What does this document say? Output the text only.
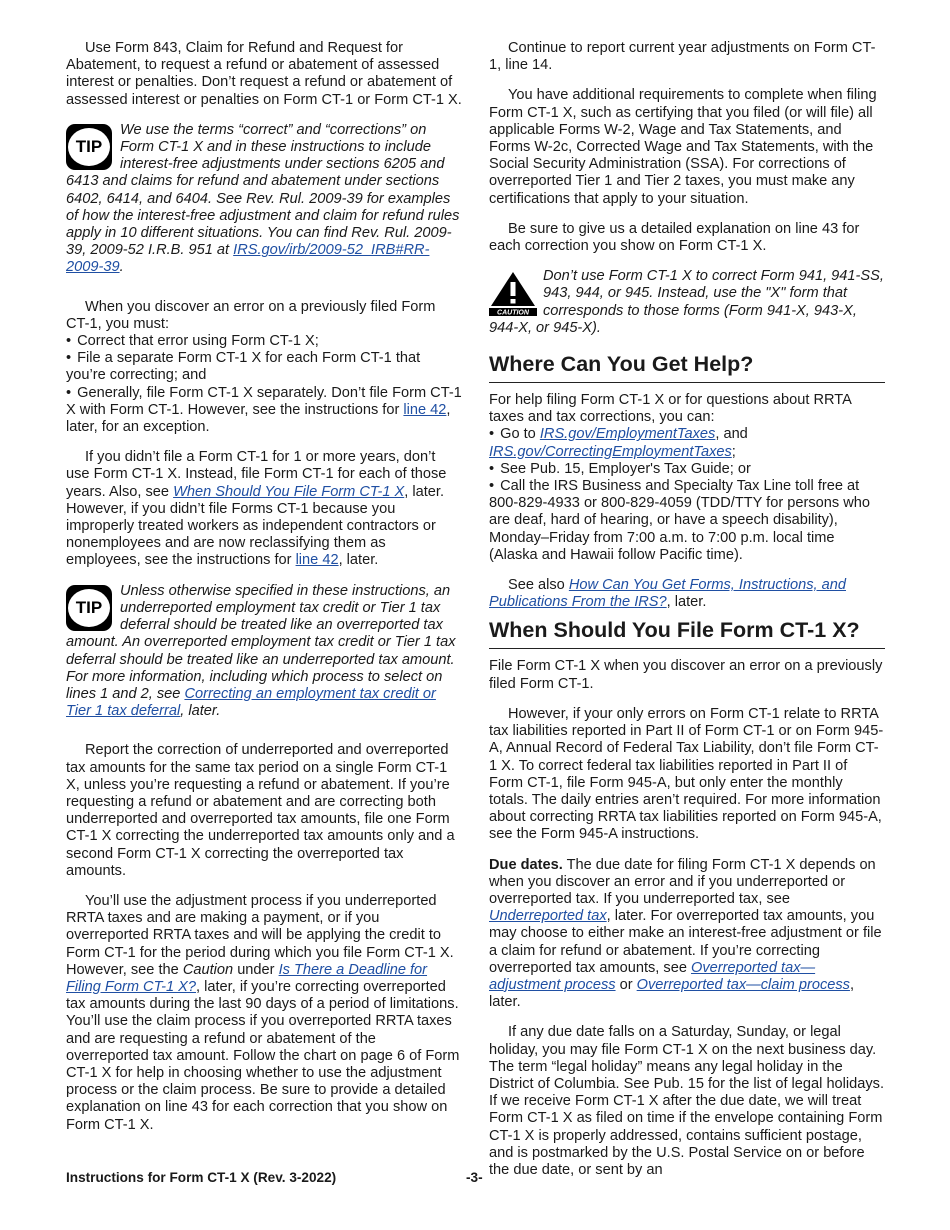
Use Form 843, Claim for Refund and Request for Abatement, to request a refund or abatement of assessed interest or penalties. Don’t request a refund or abatement of assessed interest or penalties on Form CT-1 or Form CT-1 X.

TIP
We use the terms “correct” and “corrections” on Form CT-1 X and in these instructions to include interest-free adjustments under sections 6205 and 6413 and claims for refund and abatement under sections 6402, 6414, and 6404. See Rev. Rul. 2009-39 for examples of how the interest-free adjustment and claim for refund rules apply in 10 different situations. You can find Rev. Rul. 2009-39, 2009-52 I.R.B. 951 at IRS.gov/irb/2009-52_IRB#RR-2009-39.

When you discover an error on a previously filed Form CT-1, you must:

• Correct that error using Form CT-1 X;
• File a separate Form CT-1 X for each Form CT-1 that you’re correcting; and
• Generally, file Form CT-1 X separately. Don’t file Form CT-1 X with Form CT-1. However, see the instructions for line 42, later, for an exception.

If you didn’t file a Form CT-1 for 1 or more years, don’t use Form CT-1 X. Instead, file Form CT-1 for each of those years. Also, see When Should You File Form CT-1 X, later. However, if you didn’t file Forms CT-1 because you improperly treated workers as independent contractors or nonemployees and are now reclassifying them as employees, see the instructions for line 42, later.

TIP
Unless otherwise specified in these instructions, an underreported employment tax credit or Tier 1 tax deferral should be treated like an overreported tax amount. An overreported employment tax credit or Tier 1 tax deferral should be treated like an underreported tax amount. For more information, including which process to select on lines 1 and 2, see Correcting an employment tax credit or Tier 1 tax deferral, later.

Report the correction of underreported and overreported tax amounts for the same tax period on a single Form CT-1 X, unless you’re requesting a refund or abatement. If you’re requesting a refund or abatement and are correcting both underreported and overreported tax amounts, file one Form CT-1 X correcting the underreported tax amounts only and a second Form CT-1 X correcting the overreported tax amounts.

You’ll use the adjustment process if you underreported RRTA taxes and are making a payment, or if you overreported RRTA taxes and will be applying the credit to Form CT-1 for the period during which you file Form CT-1 X. However, see the Caution under Is There a Deadline for Filing Form CT-1 X?, later, if you’re correcting overreported tax amounts during the last 90 days of a period of limitations. You’ll use the claim process if you overreported RRTA taxes and are requesting a refund or abatement of the overreported tax amount. Follow the chart on page 6 of Form CT-1 X for help in choosing whether to use the adjustment process or the claim process. Be sure to provide a detailed explanation on line 43 for each correction that you show on Form CT-1 X.

Continue to report current year adjustments on Form CT-1, line 14.

You have additional requirements to complete when filing Form CT-1 X, such as certifying that you filed (or will file) all applicable Forms W-2, Wage and Tax Statements, and Forms W-2c, Corrected Wage and Tax Statements, with the Social Security Administration (SSA). For corrections of overreported Tier 1 and Tier 2 taxes, you must make any certifications that apply to your situation.

Be sure to give us a detailed explanation on line 43 for each correction you show on Form CT-1 X.

CAUTION
Don’t use Form CT-1 X to correct Form 941, 941-SS, 943, 944, or 945. Instead, use the "X" form that corresponds to those forms (Form 941-X, 943-X, 944-X, or 945-X).
Where Can You Get Help?

For help filing Form CT-1 X or for questions about RRTA taxes and tax corrections, you can:

• Go to IRS.gov/EmploymentTaxes, and IRS.gov/CorrectingEmploymentTaxes;
• See Pub. 15, Employer's Tax Guide; or
• Call the IRS Business and Specialty Tax Line toll free at 800-829-4933 or 800-829-4059 (TDD/TTY for persons who are deaf, hard of hearing, or have a speech disability), Monday–Friday from 7:00 a.m. to 7:00 p.m. local time (Alaska and Hawaii follow Pacific time).

See also How Can You Get Forms, Instructions, and Publications From the IRS?, later.

When Should You File Form CT-1 X?

File Form CT-1 X when you discover an error on a previously filed Form CT-1.

However, if your only errors on Form CT-1 relate to RRTA tax liabilities reported in Part II of Form CT-1 or on Form 945-A, Annual Record of Federal Tax Liability, don’t file Form CT-1 X. To correct federal tax liabilities reported in Part II of Form CT-1, file Form 945-A, but only enter the monthly totals. The daily entries aren’t required. For more information about correcting RRTA tax liabilities reported on Form 945-A, see the Form 945-A instructions.

Due dates. The due date for filing Form CT-1 X depends on when you discover an error and if you underreported or overreported tax. If you underreported tax, see Underreported tax, later. For overreported tax amounts, you may choose to either make an interest-free adjustment or file a claim for refund or abatement. If you’re correcting overreported tax amounts, see Overreported tax—adjustment process or Overreported tax—claim process, later.

If any due date falls on a Saturday, Sunday, or legal holiday, you may file Form CT-1 X on the next business day. The term “legal holiday” means any legal holiday in the District of Columbia. See Pub. 15 for the list of legal holidays. If we receive Form CT-1 X after the due date, we will treat Form CT-1 X as filed on time if the envelope containing Form CT-1 X is properly addressed, contains sufficient postage, and is postmarked by the U.S. Postal Service on or before the due date, or sent by an

Instructions for Form CT-1 X (Rev. 3-2022)	-3-
